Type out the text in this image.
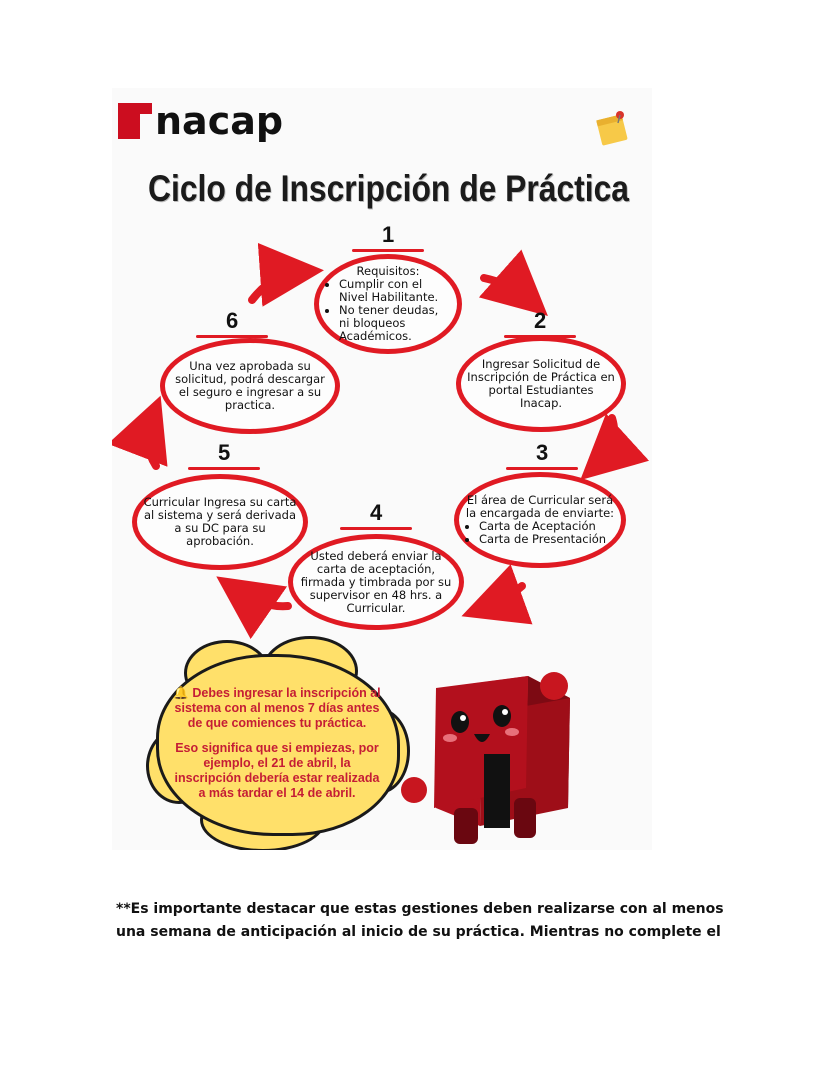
nacap
Ciclo de Inscripción de Práctica
1
Requisitos:
• Cumplir con el Nivel Habilitante.
• No tener deudas, ni bloqueos Académicos.
2
Ingresar Solicitud de Inscripción de Práctica en portal Estudiantes Inacap.
3
El área de Curricular será la encargada de enviarte:
• Carta de Aceptación
• Carta de Presentación
4
Usted deberá enviar la carta de aceptación, firmada y timbrada por su supervisor en 48 hrs. a Curricular.
5
Curricular Ingresa su carta al sistema y será derivada a su DC para su aprobación.
6
Una vez aprobada su solicitud, podrá descargar el seguro e ingresar a su practica.

🔔 Debes ingresar la inscripción al sistema con al menos 7 días antes de que comiences tu práctica.

Eso significa que si empiezas, por ejemplo, el 21 de abril, la inscripción debería estar realizada a más tardar el 14 de abril.

**Es importante destacar que estas gestiones deben realizarse con al menos una semana de anticipación al inicio de su práctica. Mientras no complete el
